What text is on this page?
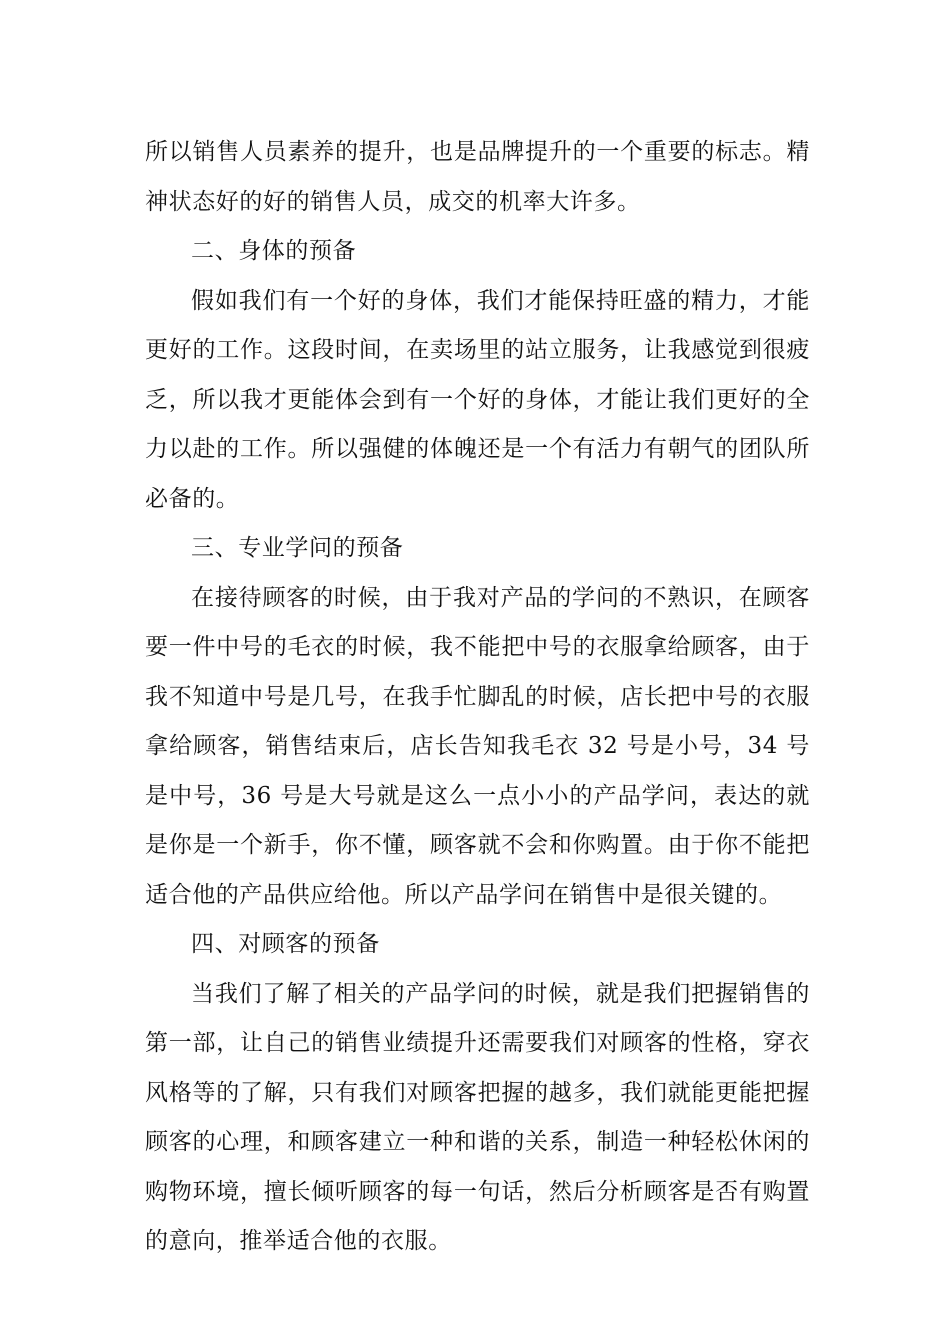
所以销售人员素养的提升，也是品牌提升的一个重要的标志。精神状态好的好的销售人员，成交的机率大许多。

二、身体的预备

假如我们有一个好的身体，我们才能保持旺盛的精力，才能更好的工作。这段时间，在卖场里的站立服务，让我感觉到很疲乏，所以我才更能体会到有一个好的身体，才能让我们更好的全力以赴的工作。所以强健的体魄还是一个有活力有朝气的团队所必备的。

三、专业学问的预备

在接待顾客的时候，由于我对产品的学问的不熟识，在顾客要一件中号的毛衣的时候，我不能把中号的衣服拿给顾客，由于我不知道中号是几号，在我手忙脚乱的时候，店长把中号的衣服拿给顾客，销售结束后，店长告知我毛衣 32 号是小号，34 号是中号，36 号是大号就是这么一点小小的产品学问，表达的就是你是一个新手，你不懂，顾客就不会和你购置。由于你不能把适合他的产品供应给他。所以产品学问在销售中是很关键的。

四、对顾客的预备

当我们了解了相关的产品学问的时候，就是我们把握销售的第一部，让自己的销售业绩提升还需要我们对顾客的性格，穿衣风格等的了解，只有我们对顾客把握的越多，我们就能更能把握顾客的心理，和顾客建立一种和谐的关系，制造一种轻松休闲的购物环境，擅长倾听顾客的每一句话，然后分析顾客是否有购置的意向，推举适合他的衣服。
